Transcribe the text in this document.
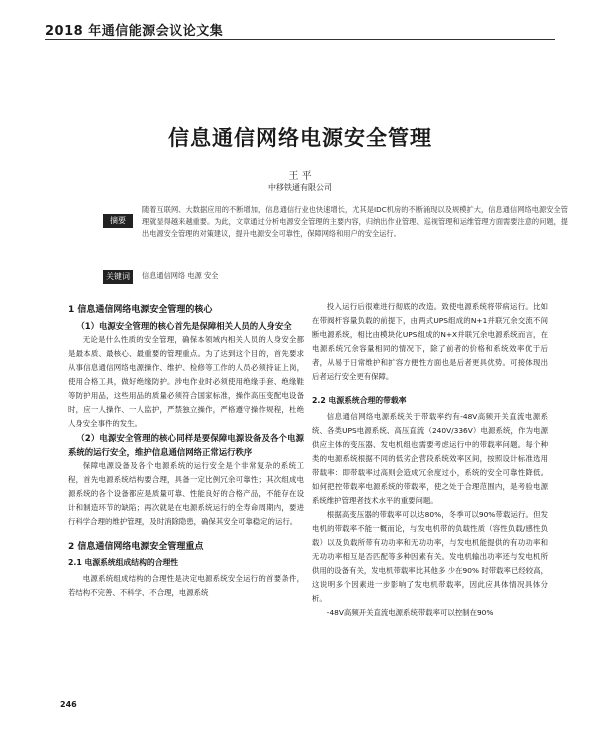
2018 年通信能源会议论文集
信息通信网络电源安全管理
王 平
中移铁通有限公司
摘要
随着互联网、大数据应用的不断增加，信息通信行业也快速增长，尤其是IDC机房的不断涌现以及规模扩大，信息通信网络电源安全管理就显得越来越重要。为此，文章通过分析电源安全管理的主要内容，归纳出作业管理、巡视管理和运维管理方面需要注意的问题，提出电源安全管理的对策建议，提升电源安全可靠性，保障网络和用户的安全运行。
关键词	信息通信网络 电源 安全
1 信息通信网络电源安全管理的核心
（1）电源安全管理的核心首先是保障相关人员的人身安全

无论是什么性质的安全管理，确保本领域内相关人员的人身安全都是最本质、最核心、最重要的管理重点。为了达到这个目的，首先要求从事信息通信网络电源操作、维护、检修等工作的人员必须持证上岗，使用合格工具，做好绝缘防护。涉电作业时必须使用绝缘手套、绝缘鞋等防护用品，这些用品的质量必须符合国家标准，操作高压变配电设备时，应一人操作、一人监护，严禁独立操作，严格遵守操作规程，杜绝人身安全事件的发生。

（2）电源安全管理的核心同样是要保障电源设备及各个电源系统的运行安全，维护信息通信网络正常运行秩序

保障电源设备及各个电源系统的运行安全是个非常复杂的系统工程，首先电源系统结构要合理，具备一定比例冗余可靠性；其次组成电源系统的各个设备都应是质量可靠、性能良好的合格产品，不能存在设计和制造环节的缺陷；再次就是在电源系统运行的全寿命周期内，要进行科学合理的维护管理，及时消除隐患，确保其安全可靠稳定的运行。

2 信息通信网络电源安全管理重点
2.1 电源系统组成结构的合理性

电源系统组成结构的合理性是决定电源系统安全运行的首要条件，若结构不完善、不科学、不合理，电源系统

投入运行后很难进行彻底的改造。致使电源系统将带病运行。比如在带阀杆容量负载的前提下，由两式UPS组成的N+1并联冗余交流不间断电源系统，相比由模块化UPS组成的N+X并联冗余电源系统而言，在电源系统冗余容量相同的情况下，除了前者的价格和系统效率优于后者，从易于日常维护和扩容方便性方面也是后者更具优势。可接体现出后者运行安全更有保障。

2.2 电源系统合理的带载率

信息通信网络电源系统关于带载率约有-48V高频开关直流电源系统、各类UPS电源系统、高压直流（240V/336V）电源系统，作为电源供应主体的变压器、发电机组也需要考虑运行中的带载率问题。每个种类的电源系统根据不同的低劣企营段系统效率区间，按照设计标准选用带载率：即带载率过高则会造成冗余度过小，系统的安全可靠性降低。如何把控带载率电源系统的带载率，使之处于合理范围内，是考验电源系统维护管理者技术水平的重要问题。

根据高变压器的带载率可以达80%，冬季可以90%带载运行。但发电机的带载率不能一概而论，与发电机带的负载性质（容性负载/感性负载）以及负载所带有功功率和无功功率，与发电机能提供的有功功率和无功功率相互是否匹配等多种因素有关。发电机输出功率还与发电机所供用的设备有关，发电机带载率比其他多 少在90% 时带载率已经较高，这说明多个因素进一步影响了发电机带载率，因此应具体情况具体分析。

-48V高频开关直流电源系统带载率可以控制在90%

246
